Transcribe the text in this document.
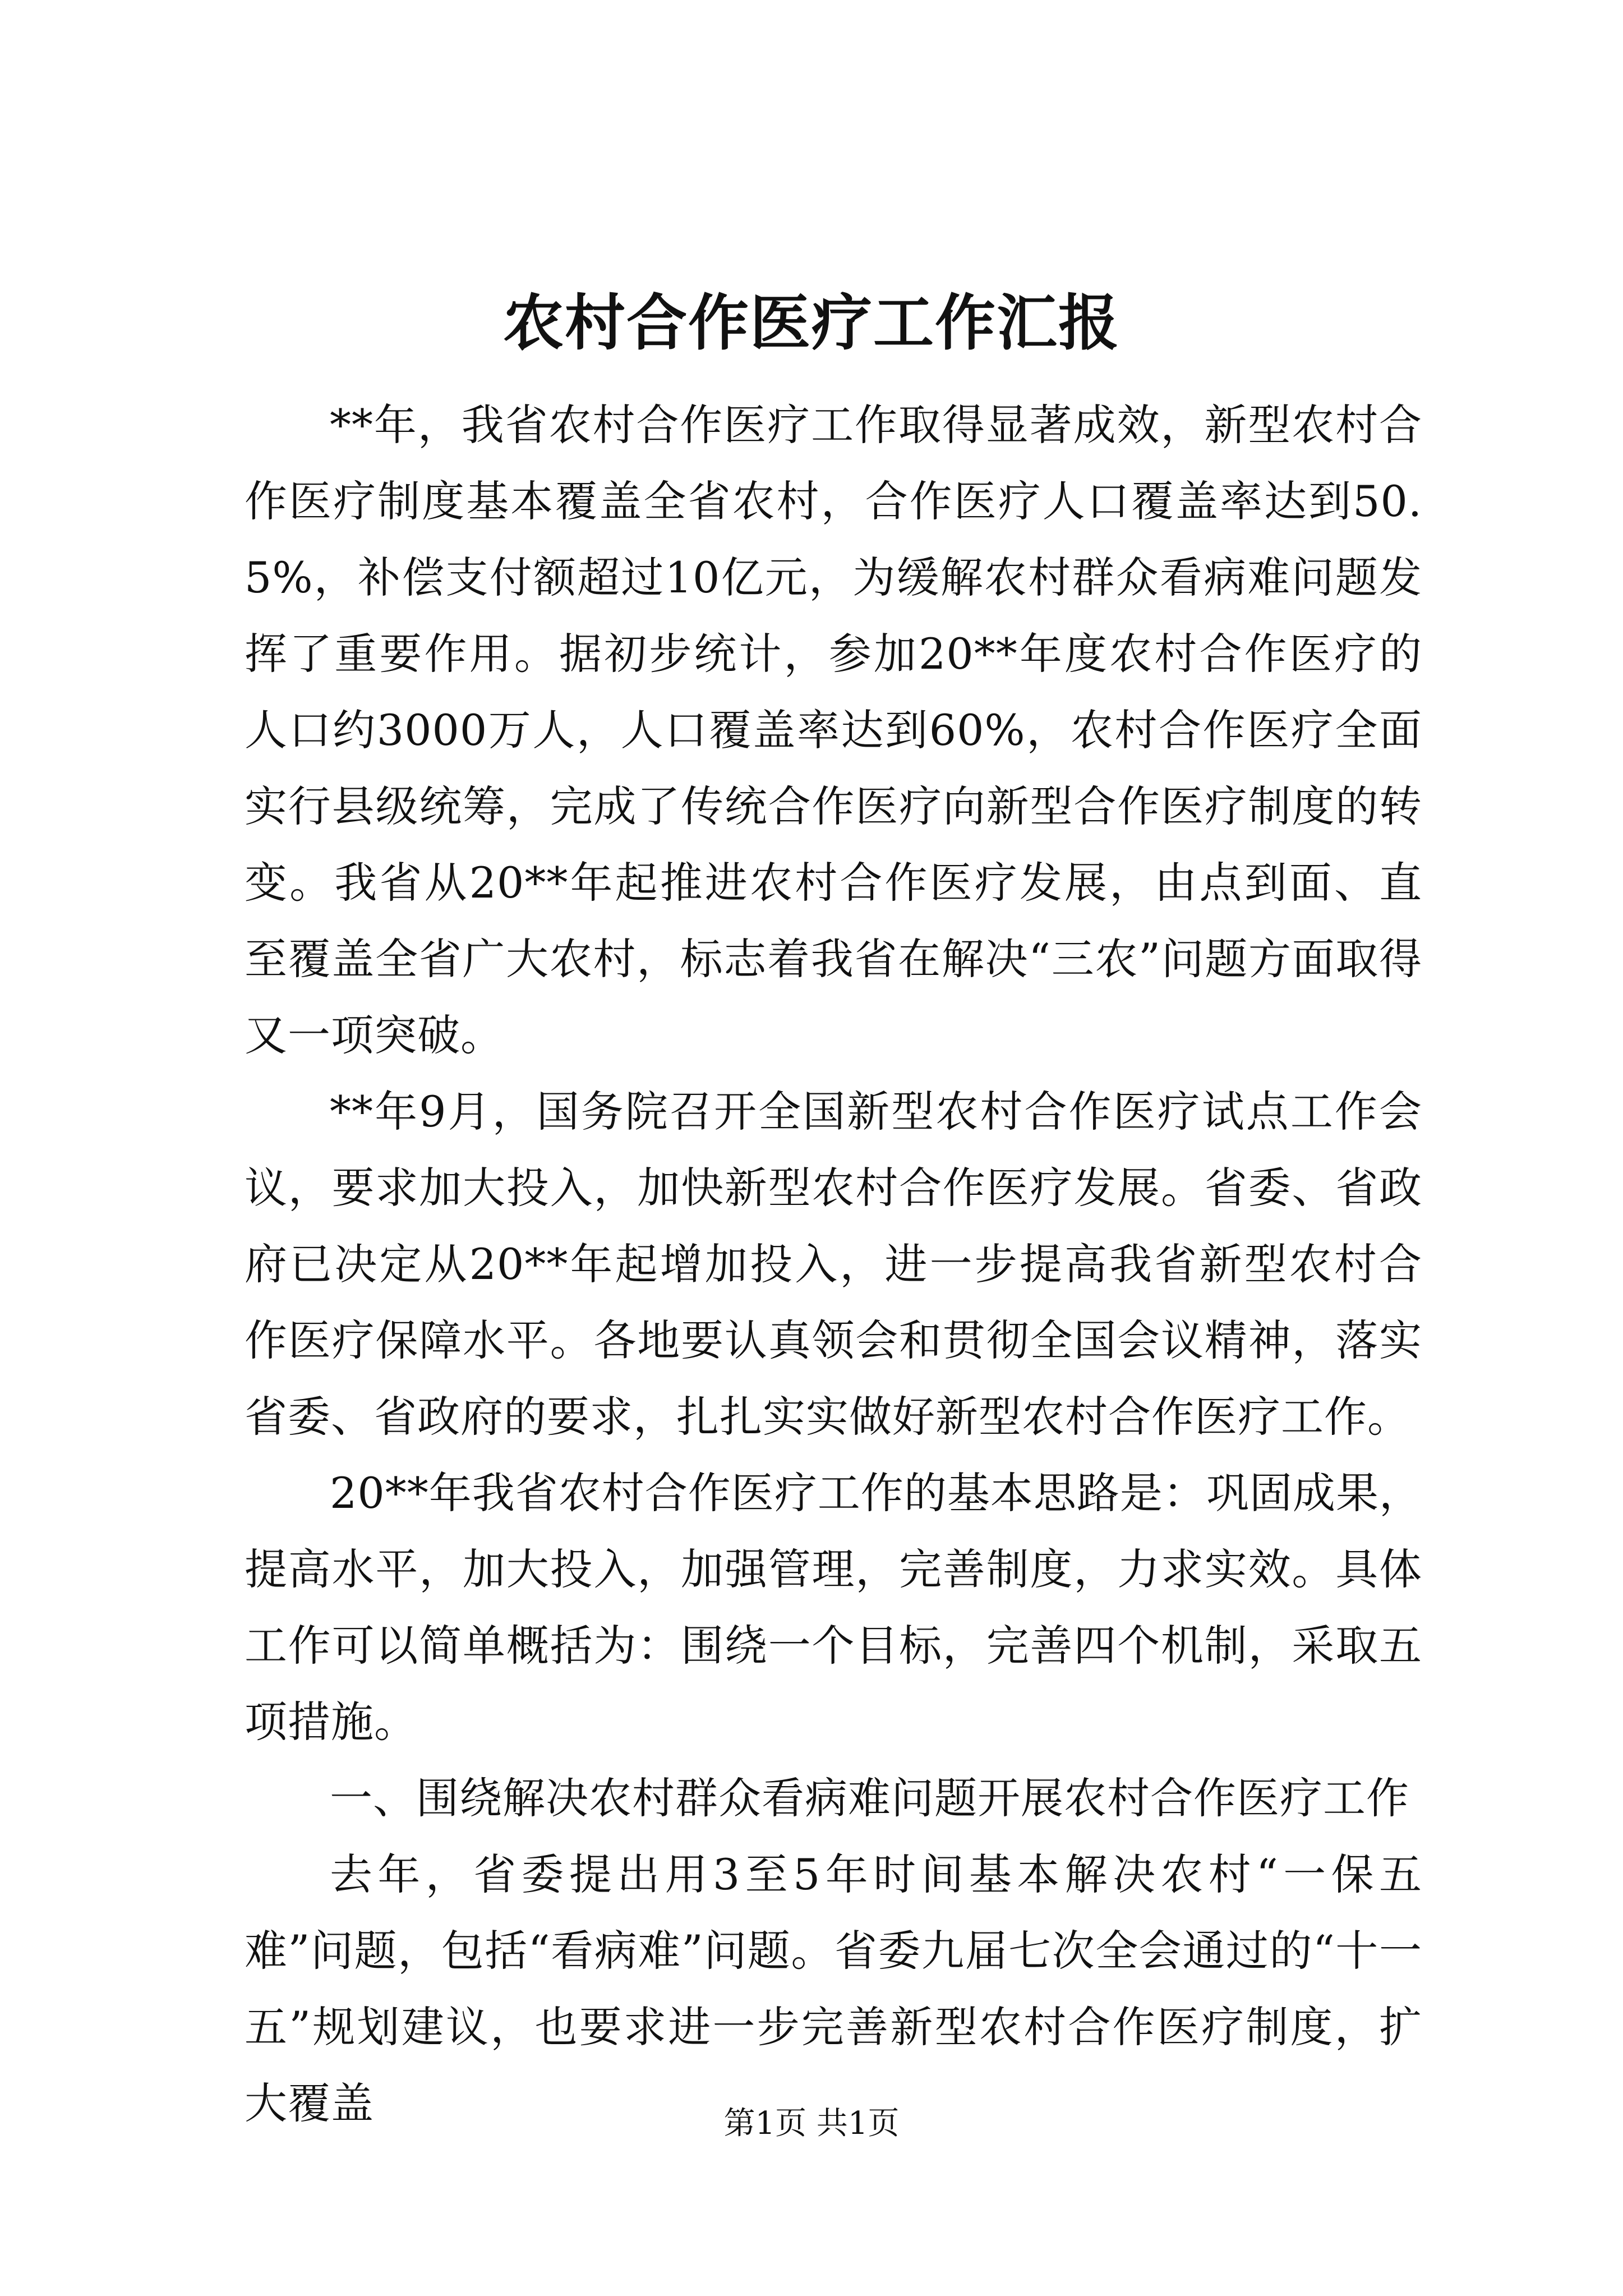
农村合作医疗工作汇报

**年，我省农村合作医疗工作取得显著成效，新型农村合作医疗制度基本覆盖全省农村，合作医疗人口覆盖率达到50.5%，补偿支付额超过10亿元，为缓解农村群众看病难问题发挥了重要作用。据初步统计，参加20**年度农村合作医疗的人口约3000万人，人口覆盖率达到60%，农村合作医疗全面实行县级统筹，完成了传统合作医疗向新型合作医疗制度的转变。我省从20**年起推进农村合作医疗发展，由点到面、直至覆盖全省广大农村，标志着我省在解决“三农”问题方面取得又一项突破。

**年9月，国务院召开全国新型农村合作医疗试点工作会议，要求加大投入，加快新型农村合作医疗发展。省委、省政府已决定从20**年起增加投入，进一步提高我省新型农村合作医疗保障水平。各地要认真领会和贯彻全国会议精神，落实省委、省政府的要求，扎扎实实做好新型农村合作医疗工作。

20**年我省农村合作医疗工作的基本思路是：巩固成果，提高水平，加大投入，加强管理，完善制度，力求实效。具体工作可以简单概括为：围绕一个目标，完善四个机制，采取五项措施。

一、围绕解决农村群众看病难问题开展农村合作医疗工作

去年，省委提出用3至5年时间基本解决农村“一保五难”问题，包括“看病难”问题。省委九届七次全会通过的“十一五”规划建议，也要求进一步完善新型农村合作医疗制度，扩大覆盖	第1页 共1页
